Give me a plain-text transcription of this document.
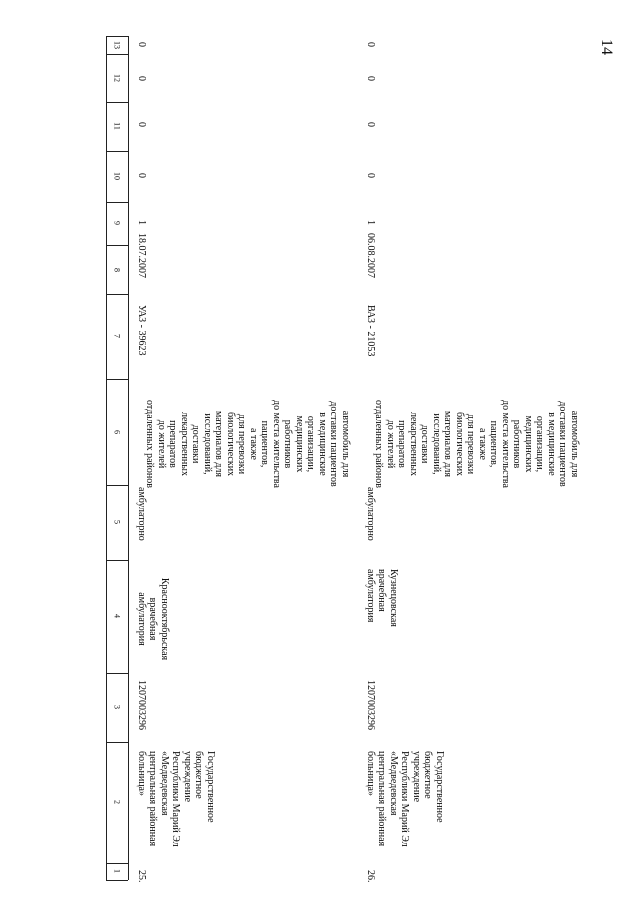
14
13
12
11
10
9
8
7
6
5
4
3
2
1
0
0
0
0
1
18.07.2007
УАЗ - 39623
автомобиль для
доставки пациентов
в медицинские
организации,
медицинских
работников
до места жительства
пациентов,
а также
для перевозки
биологических
материалов для
исследований,
доставки
лекарственных
препаратов
до жителей
отдаленных районов
амбулаторно
Краснооктябрьская
врачебная
амбулатория
1207003296
Государственное
бюджетное
учреждение
Республики Марий Эл
«Медведевская
центральная районная
больница»
25.
0
0
0
0
1
06.08.2007
ВАЗ - 21053
автомобиль для
доставки пациентов
в медицинские
организации,
медицинских
работников
до места жительства
пациентов,
а также
для перевозки
биологических
материалов для
исследований,
доставки
лекарственных
препаратов
до жителей
отдаленных районов
амбулаторно
Кузнецовская
врачебная
амбулатория
1207003296
Государственное
бюджетное
учреждение
Республики Марий Эл
«Медведевская
центральная районная
больница»
26.
